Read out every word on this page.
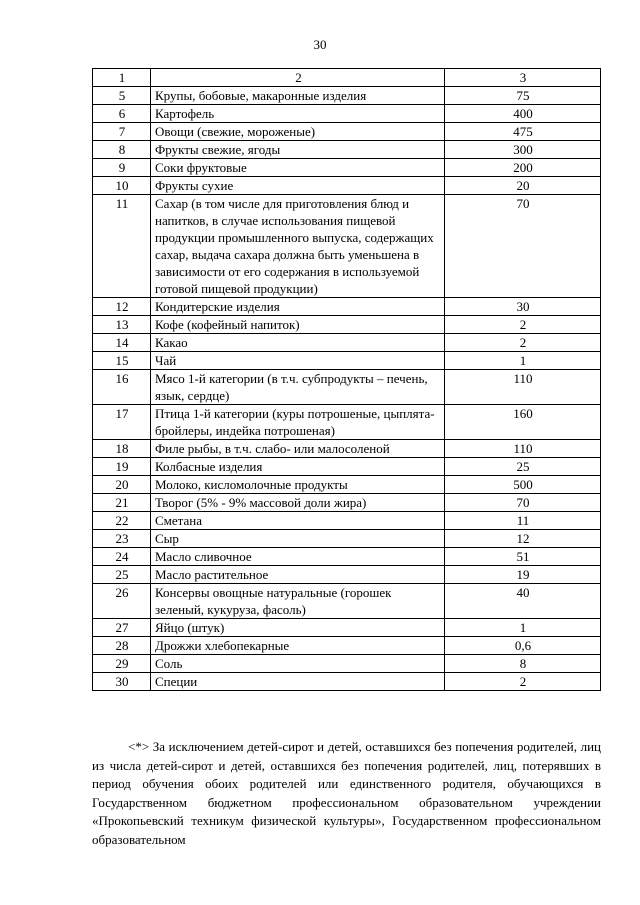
30
1	2	3
5	Крупы, бобовые, макаронные изделия	75
6	Картофель	400
7	Овощи (свежие, мороженые)	475
8	Фрукты свежие, ягоды	300
9	Соки фруктовые	200
10	Фрукты сухие	20
11	Сахар (в том числе для приготовления блюд и напитков, в случае использования пищевой продукции промышленного выпуска, содержащих сахар, выдача сахара должна быть уменьшена в зависимости от его содержания в используемой готовой пищевой продукции)	70
12	Кондитерские изделия	30
13	Кофе (кофейный напиток)	2
14	Какао	2
15	Чай	1
16	Мясо 1-й категории (в т.ч. субпродукты – печень, язык, сердце)	110
17	Птица 1-й категории (куры потрошеные, цыплята-бройлеры, индейка потрошеная)	160
18	Филе рыбы, в т.ч. слабо- или малосоленой	110
19	Колбасные изделия	25
20	Молоко, кисломолочные продукты	500
21	Творог (5% - 9% массовой доли жира)	70
22	Сметана	11
23	Сыр	12
24	Масло сливочное	51
25	Масло растительное	19
26	Консервы овощные натуральные (горошек зеленый, кукуруза, фасоль)	40
27	Яйцо (штук)	1
28	Дрожжи хлебопекарные	0,6
29	Соль	8
30	Специи	2

<*> За исключением детей-сирот и детей, оставшихся без попечения родителей, лиц из числа детей-сирот и детей, оставшихся без попечения родителей, лиц, потерявших в период обучения обоих родителей или единственного родителя, обучающихся в Государственном бюджетном профессиональном образовательном учреждении «Прокопьевский техникум физической культуры», Государственном профессиональном образовательном
